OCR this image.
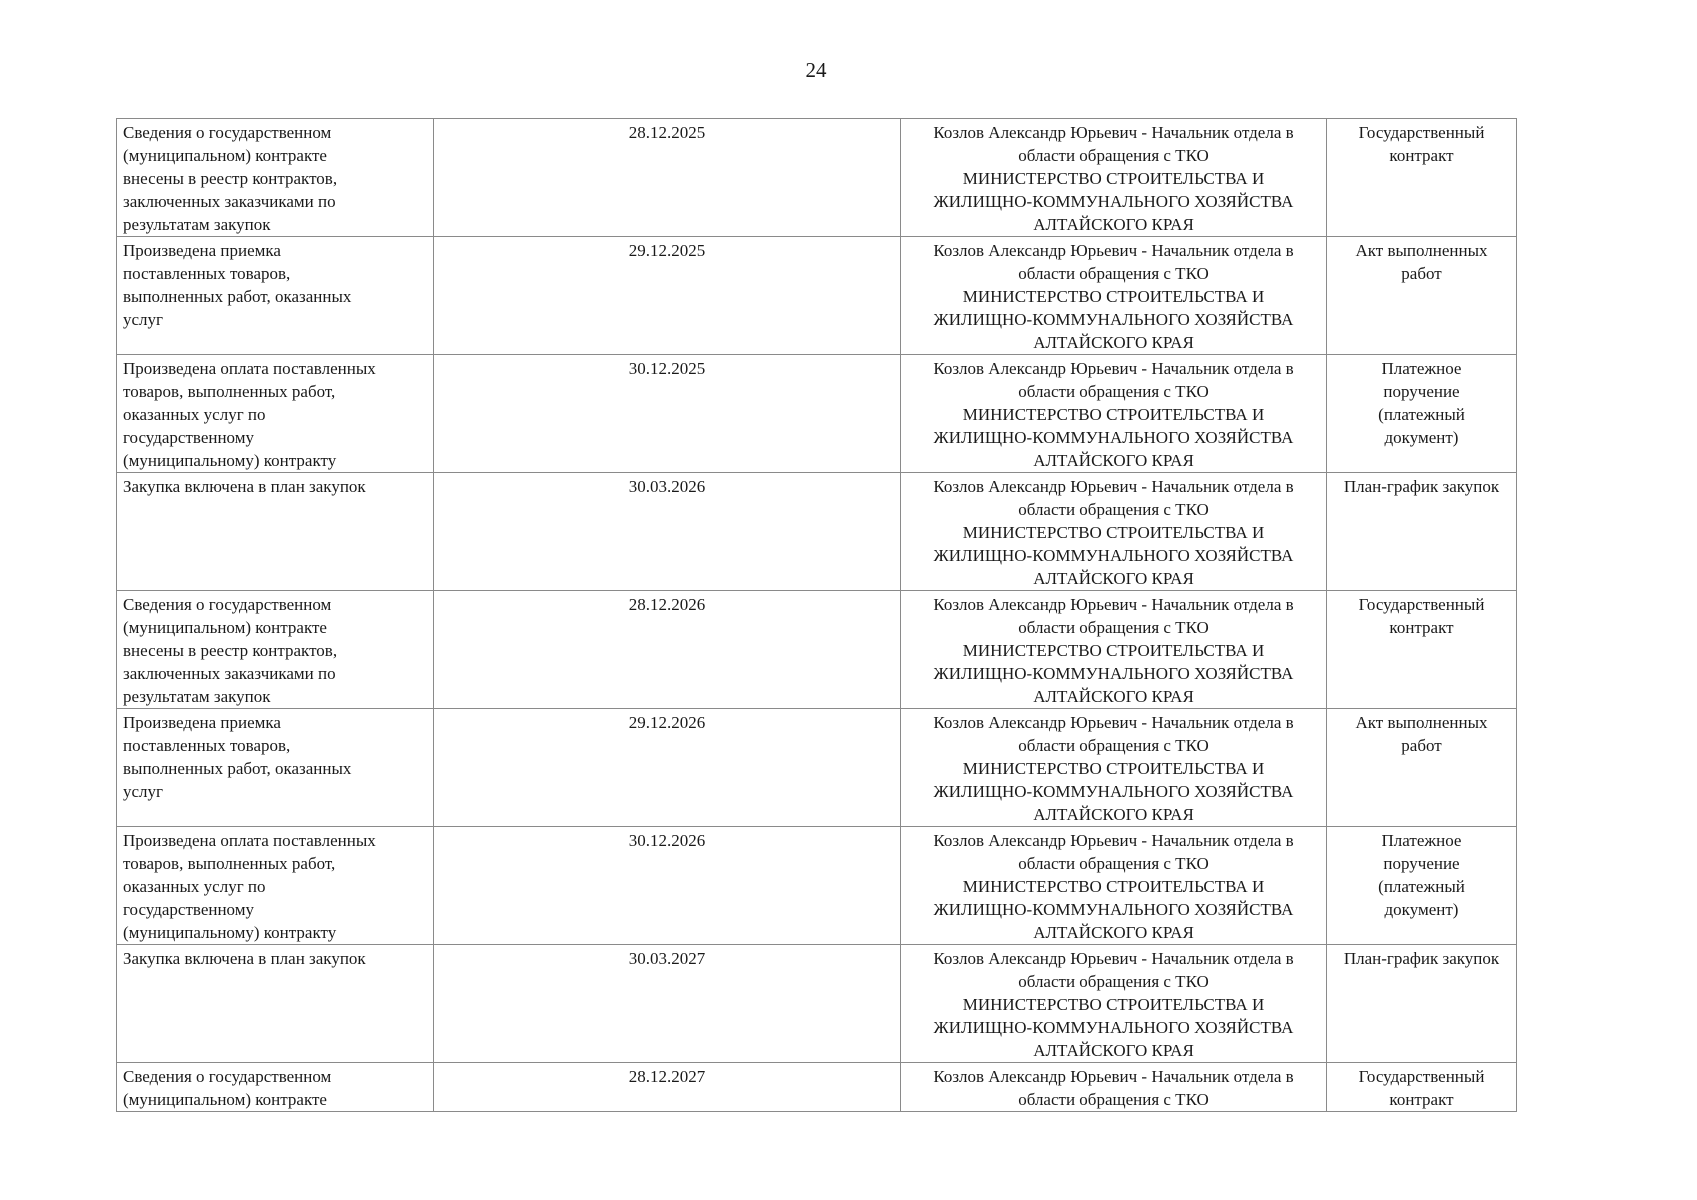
24
Сведения о государственном
(муниципальном) контракте
внесены в реестр контрактов,
заключенных заказчиками по
результатам закупок	28.12.2025	Козлов Александр Юрьевич - Начальник отдела в
области обращения с ТКО
МИНИСТЕРСТВО СТРОИТЕЛЬСТВА И
ЖИЛИЩНО-КОММУНАЛЬНОГО ХОЗЯЙСТВА
АЛТАЙСКОГО КРАЯ	Государственный
контракт

Произведена приемка
поставленных товаров,
выполненных работ, оказанных
услуг	29.12.2025	Козлов Александр Юрьевич - Начальник отдела в
области обращения с ТКО
МИНИСТЕРСТВО СТРОИТЕЛЬСТВА И
ЖИЛИЩНО-КОММУНАЛЬНОГО ХОЗЯЙСТВА
АЛТАЙСКОГО КРАЯ	Акт выполненных
работ

Произведена оплата поставленных
товаров, выполненных работ,
оказанных услуг по
государственному
(муниципальному) контракту	30.12.2025	Козлов Александр Юрьевич - Начальник отдела в
области обращения с ТКО
МИНИСТЕРСТВО СТРОИТЕЛЬСТВА И
ЖИЛИЩНО-КОММУНАЛЬНОГО ХОЗЯЙСТВА
АЛТАЙСКОГО КРАЯ	Платежное
поручение
(платежный
документ)

Закупка включена в план закупок	30.03.2026	Козлов Александр Юрьевич - Начальник отдела в
области обращения с ТКО
МИНИСТЕРСТВО СТРОИТЕЛЬСТВА И
ЖИЛИЩНО-КОММУНАЛЬНОГО ХОЗЯЙСТВА
АЛТАЙСКОГО КРАЯ	План-график закупок

Сведения о государственном
(муниципальном) контракте
внесены в реестр контрактов,
заключенных заказчиками по
результатам закупок	28.12.2026	Козлов Александр Юрьевич - Начальник отдела в
области обращения с ТКО
МИНИСТЕРСТВО СТРОИТЕЛЬСТВА И
ЖИЛИЩНО-КОММУНАЛЬНОГО ХОЗЯЙСТВА
АЛТАЙСКОГО КРАЯ	Государственный
контракт

Произведена приемка
поставленных товаров,
выполненных работ, оказанных
услуг	29.12.2026	Козлов Александр Юрьевич - Начальник отдела в
области обращения с ТКО
МИНИСТЕРСТВО СТРОИТЕЛЬСТВА И
ЖИЛИЩНО-КОММУНАЛЬНОГО ХОЗЯЙСТВА
АЛТАЙСКОГО КРАЯ	Акт выполненных
работ

Произведена оплата поставленных
товаров, выполненных работ,
оказанных услуг по
государственному
(муниципальному) контракту	30.12.2026	Козлов Александр Юрьевич - Начальник отдела в
области обращения с ТКО
МИНИСТЕРСТВО СТРОИТЕЛЬСТВА И
ЖИЛИЩНО-КОММУНАЛЬНОГО ХОЗЯЙСТВА
АЛТАЙСКОГО КРАЯ	Платежное
поручение
(платежный
документ)

Закупка включена в план закупок	30.03.2027	Козлов Александр Юрьевич - Начальник отдела в
области обращения с ТКО
МИНИСТЕРСТВО СТРОИТЕЛЬСТВА И
ЖИЛИЩНО-КОММУНАЛЬНОГО ХОЗЯЙСТВА
АЛТАЙСКОГО КРАЯ	План-график закупок

Сведения о государственном
(муниципальном) контракте	28.12.2027	Козлов Александр Юрьевич - Начальник отдела в
области обращения с ТКО	Государственный
контракт
